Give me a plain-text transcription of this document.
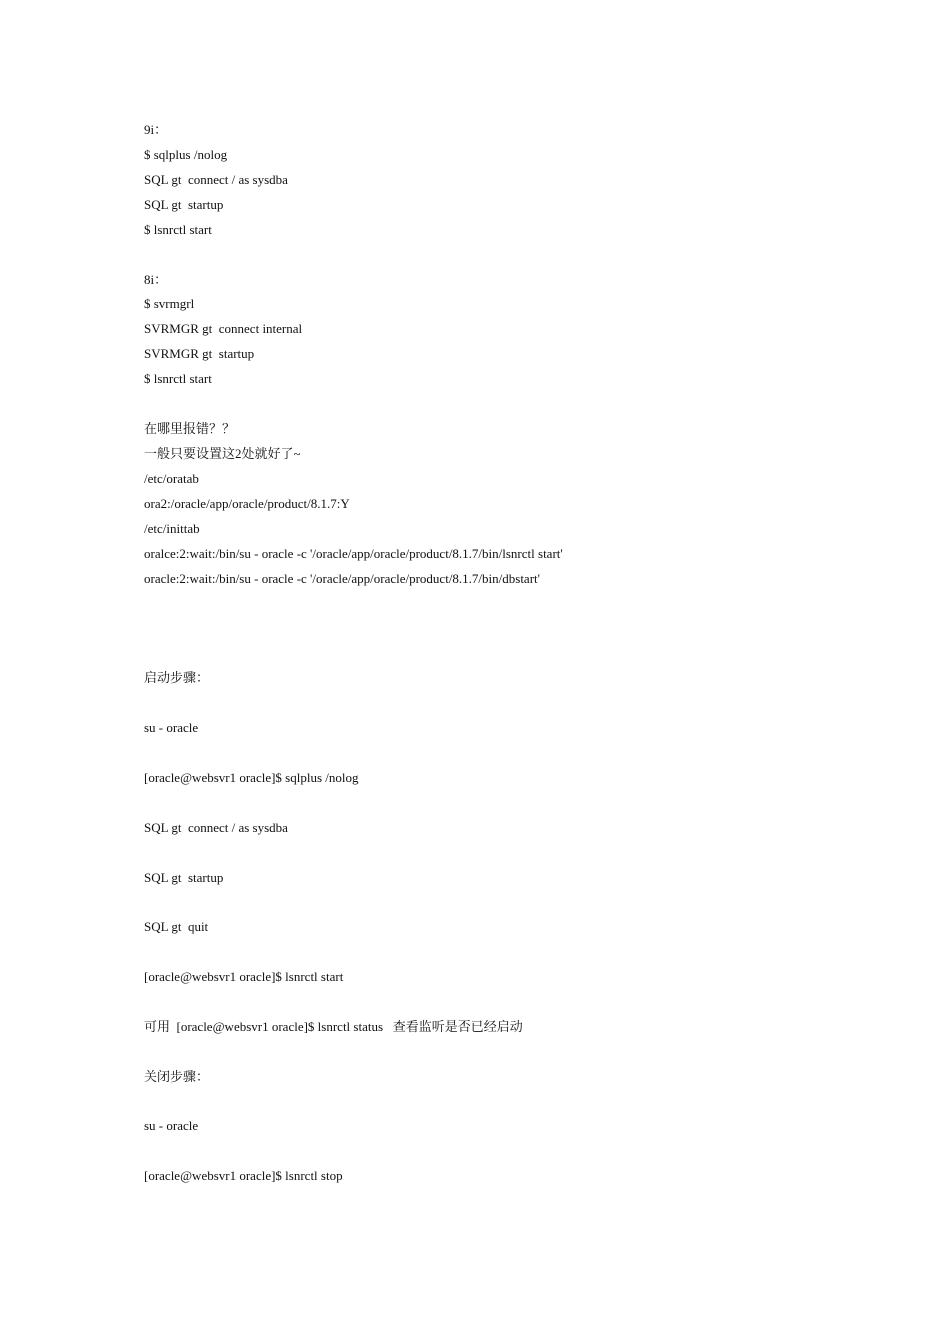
9i：
$ sqlplus /nolog
SQL gt  connect / as sysdba
SQL gt  startup
$ lsnrctl start
8i：
$ svrmgrl
SVRMGR gt  connect internal
SVRMGR gt  startup
$ lsnrctl start
在哪里报错？？
一般只要设置这2处就好了~
/etc/oratab
ora2:/oracle/app/oracle/product/8.1.7:Y
/etc/inittab
oralce:2:wait:/bin/su - oracle -c '/oracle/app/oracle/product/8.1.7/bin/lsnrctl start'
oracle:2:wait:/bin/su - oracle -c '/oracle/app/oracle/product/8.1.7/bin/dbstart'
启动步骤：
su - oracle
[oracle@websvr1 oracle]$ sqlplus /nolog
SQL gt  connect / as sysdba
SQL gt  startup
SQL gt  quit
[oracle@websvr1 oracle]$ lsnrctl start
可用  [oracle@websvr1 oracle]$ lsnrctl status   查看监听是否已经启动
关闭步骤：
su - oracle
[oracle@websvr1 oracle]$ lsnrctl stop
